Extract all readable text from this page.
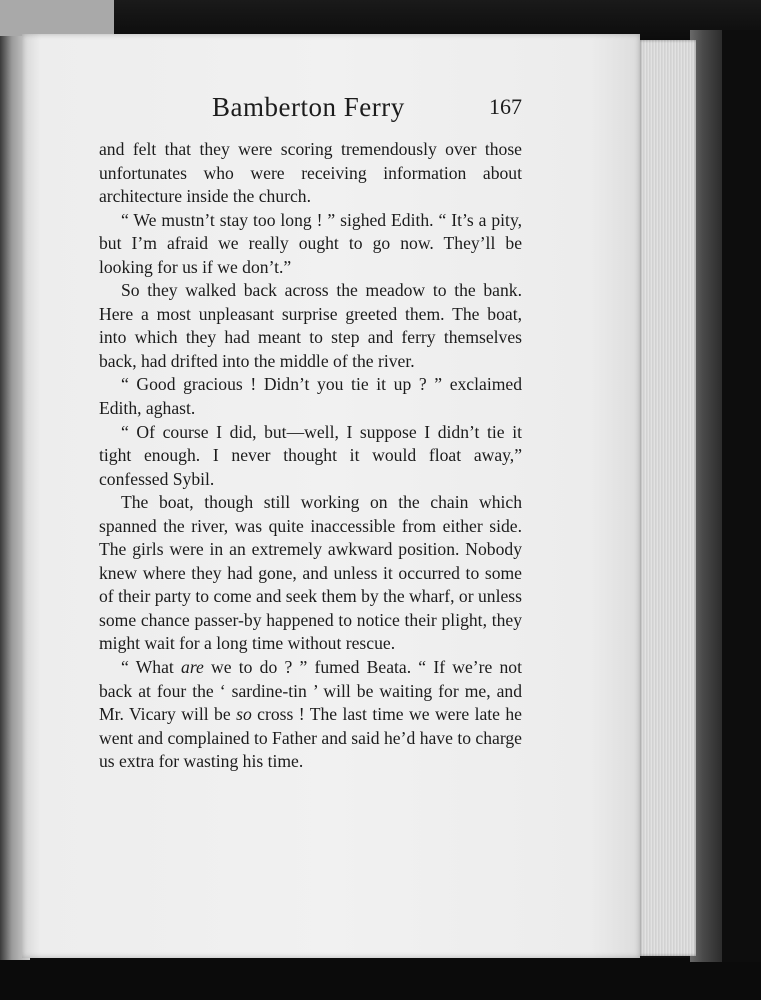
Bamberton Ferry	167

and felt that they were scoring tremendously over those unfortunates who were receiving information about architecture inside the church.

“ We mustn’t stay too long ! ” sighed Edith. “ It’s a pity, but I’m afraid we really ought to go now. They’ll be looking for us if we don’t.”

So they walked back across the meadow to the bank. Here a most unpleasant surprise greeted them. The boat, into which they had meant to step and ferry themselves back, had drifted into the middle of the river.

“ Good gracious ! Didn’t you tie it up ? ” exclaimed Edith, aghast.

“ Of course I did, but—well, I suppose I didn’t tie it tight enough. I never thought it would float away,” confessed Sybil.

The boat, though still working on the chain which spanned the river, was quite inaccessible from either side. The girls were in an extremely awkward position. Nobody knew where they had gone, and unless it occurred to some of their party to come and seek them by the wharf, or unless some chance passer-by happened to notice their plight, they might wait for a long time without rescue.

“ What are we to do ? ” fumed Beata. “ If we’re not back at four the ‘ sardine-tin ’ will be waiting for me, and Mr. Vicary will be so cross ! The last time we were late he went and complained to Father and said he’d have to charge us extra for wasting his time.
